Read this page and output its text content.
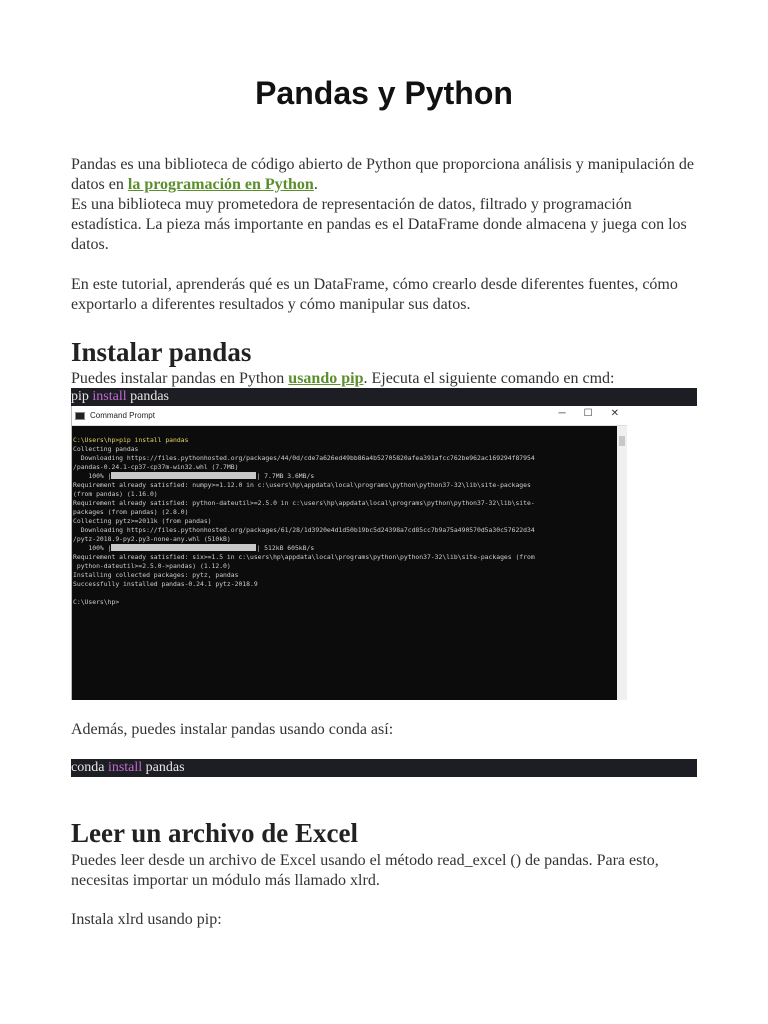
Pandas y Python

Pandas es una biblioteca de código abierto de Python que proporciona análisis y manipulación de datos en la programación en Python.

Es una biblioteca muy prometedora de representación de datos, filtrado y programación estadística. La pieza más importante en pandas es el DataFrame donde almacena y juega con los datos.

En este tutorial, aprenderás qué es un DataFrame, cómo crearlo desde diferentes fuentes, cómo exportarlo a diferentes resultados y cómo manipular sus datos.

Instalar pandas

Puedes instalar pandas en Python usando pip. Ejecuta el siguiente comando en cmd:

pip install pandas
Command Prompt	─ ☐ ✕
C:\Users\hp>pip install pandas
Collecting pandas
Downloading https://files.pythonhosted.org/packages/44/0d/cde7a626ed49bb86a4b52705820afea391afcc762be962ac169294f87954
/pandas-0.24.1-cp37-cp37m-win32.whl (7.7MB)
100% |	| 7.7MB 3.6MB/s
Requirement already satisfied: numpy>=1.12.0 in c:\users\hp\appdata\local\programs\python\python37-32\lib\site-packages
(from pandas) (1.16.0)
Requirement already satisfied: python-dateutil>=2.5.0 in c:\users\hp\appdata\local\programs\python\python37-32\lib\site-
packages (from pandas) (2.8.0)
Collecting pytz>=2011k (from pandas)
Downloading https://files.pythonhosted.org/packages/61/28/1d3920e4d1d50b19bc5d24398a7cd85cc7b9a75a490570d5a30c57622d34
/pytz-2018.9-py2.py3-none-any.whl (510kB)
100% |	| 512kB 605kB/s
Requirement already satisfied: six>=1.5 in c:\users\hp\appdata\local\programs\python\python37-32\lib\site-packages (from
python-dateutil>=2.5.0->pandas) (1.12.0)
Installing collected packages: pytz, pandas
Successfully installed pandas-0.24.1 pytz-2018.9

C:\Users\hp>

Además, puedes instalar pandas usando conda así:

conda install pandas
Leer un archivo de Excel

Puedes leer desde un archivo de Excel usando el método read_excel () de pandas. Para esto, necesitas importar un módulo más llamado xlrd.

Instala xlrd usando pip:
